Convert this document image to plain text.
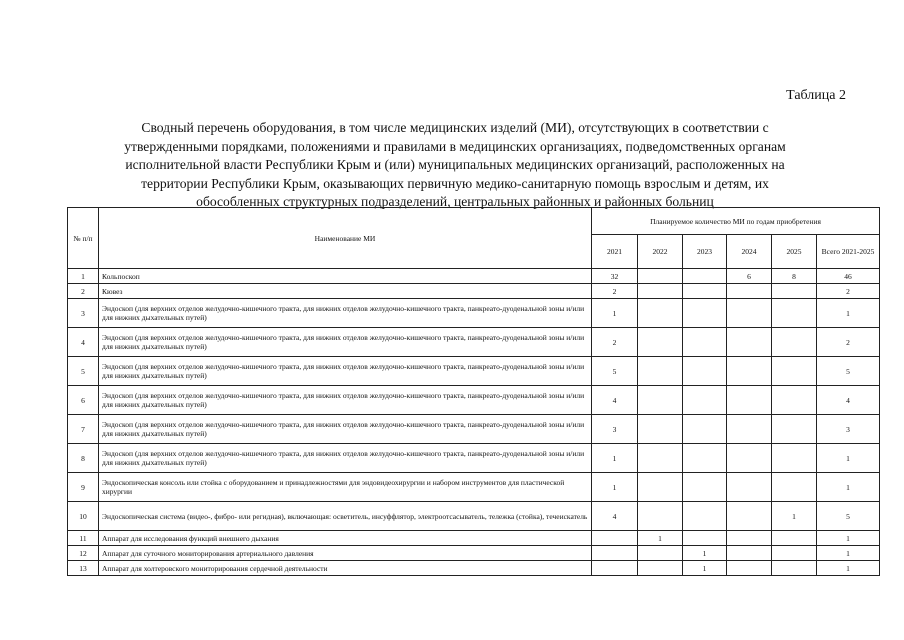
Таблица 2
Сводный перечень оборудования, в том числе медицинских изделий (МИ), отсутствующих в соответствии с
утвержденными порядками, положениями и правилами в медицинских организациях, подведомственных органам
исполнительной власти Республики Крым и (или) муниципальных медицинских организаций, расположенных на
территории Республики Крым, оказывающих первичную медико-санитарную помощь взрослым и детям, их
обособленных структурных подразделений, центральных районных и районных больниц
№ п/п	Наименование МИ	Планируемое количество МИ по годам приобретения					
		2021	2022	2023	2024	2025	Всего 2021-2025
1	Кольпоскоп	32			6	8	46
2	Кювез	2					2
3	Эндоскоп (для верхних отделов желудочно-кишечного тракта, для нижних отделов желудочно-кишечного тракта, панкреато-дуоденальной зоны и/или для нижних дыхательных путей)	1					1
4	Эндоскоп (для верхних отделов желудочно-кишечного тракта, для нижних отделов желудочно-кишечного тракта, панкреато-дуоденальной зоны и/или для нижних дыхательных путей)	2					2
5	Эндоскоп (для верхних отделов желудочно-кишечного тракта, для нижних отделов желудочно-кишечного тракта, панкреато-дуоденальной зоны и/или для нижних дыхательных путей)	5					5
6	Эндоскоп (для верхних отделов желудочно-кишечного тракта, для нижних отделов желудочно-кишечного тракта, панкреато-дуоденальной зоны и/или для нижних дыхательных путей)	4					4
7	Эндоскоп (для верхних отделов желудочно-кишечного тракта, для нижних отделов желудочно-кишечного тракта, панкреато-дуоденальной зоны и/или для нижних дыхательных путей)	3					3
8	Эндоскоп (для верхних отделов желудочно-кишечного тракта, для нижних отделов желудочно-кишечного тракта, панкреато-дуоденальной зоны и/или для нижних дыхательных путей)	1					1
9	Эндоскопическая консоль или стойка с оборудованием и принадлежностями для эндовидеохирургии и набором инструментов для пластической хирургии	1					1
10	Эндоскопическая система (видео-, фибро- или регидная), включающая: осветитель, инсуффлятор, электроотсасыватель, тележка (стойка), течеискатель	4				1	5
11	Аппарат для исследования функций внешнего дыхания		1				1
12	Аппарат для суточного мониторирования артериального давления			1			1
13	Аппарат для холтеровского мониторирования сердечной деятельности			1			1
